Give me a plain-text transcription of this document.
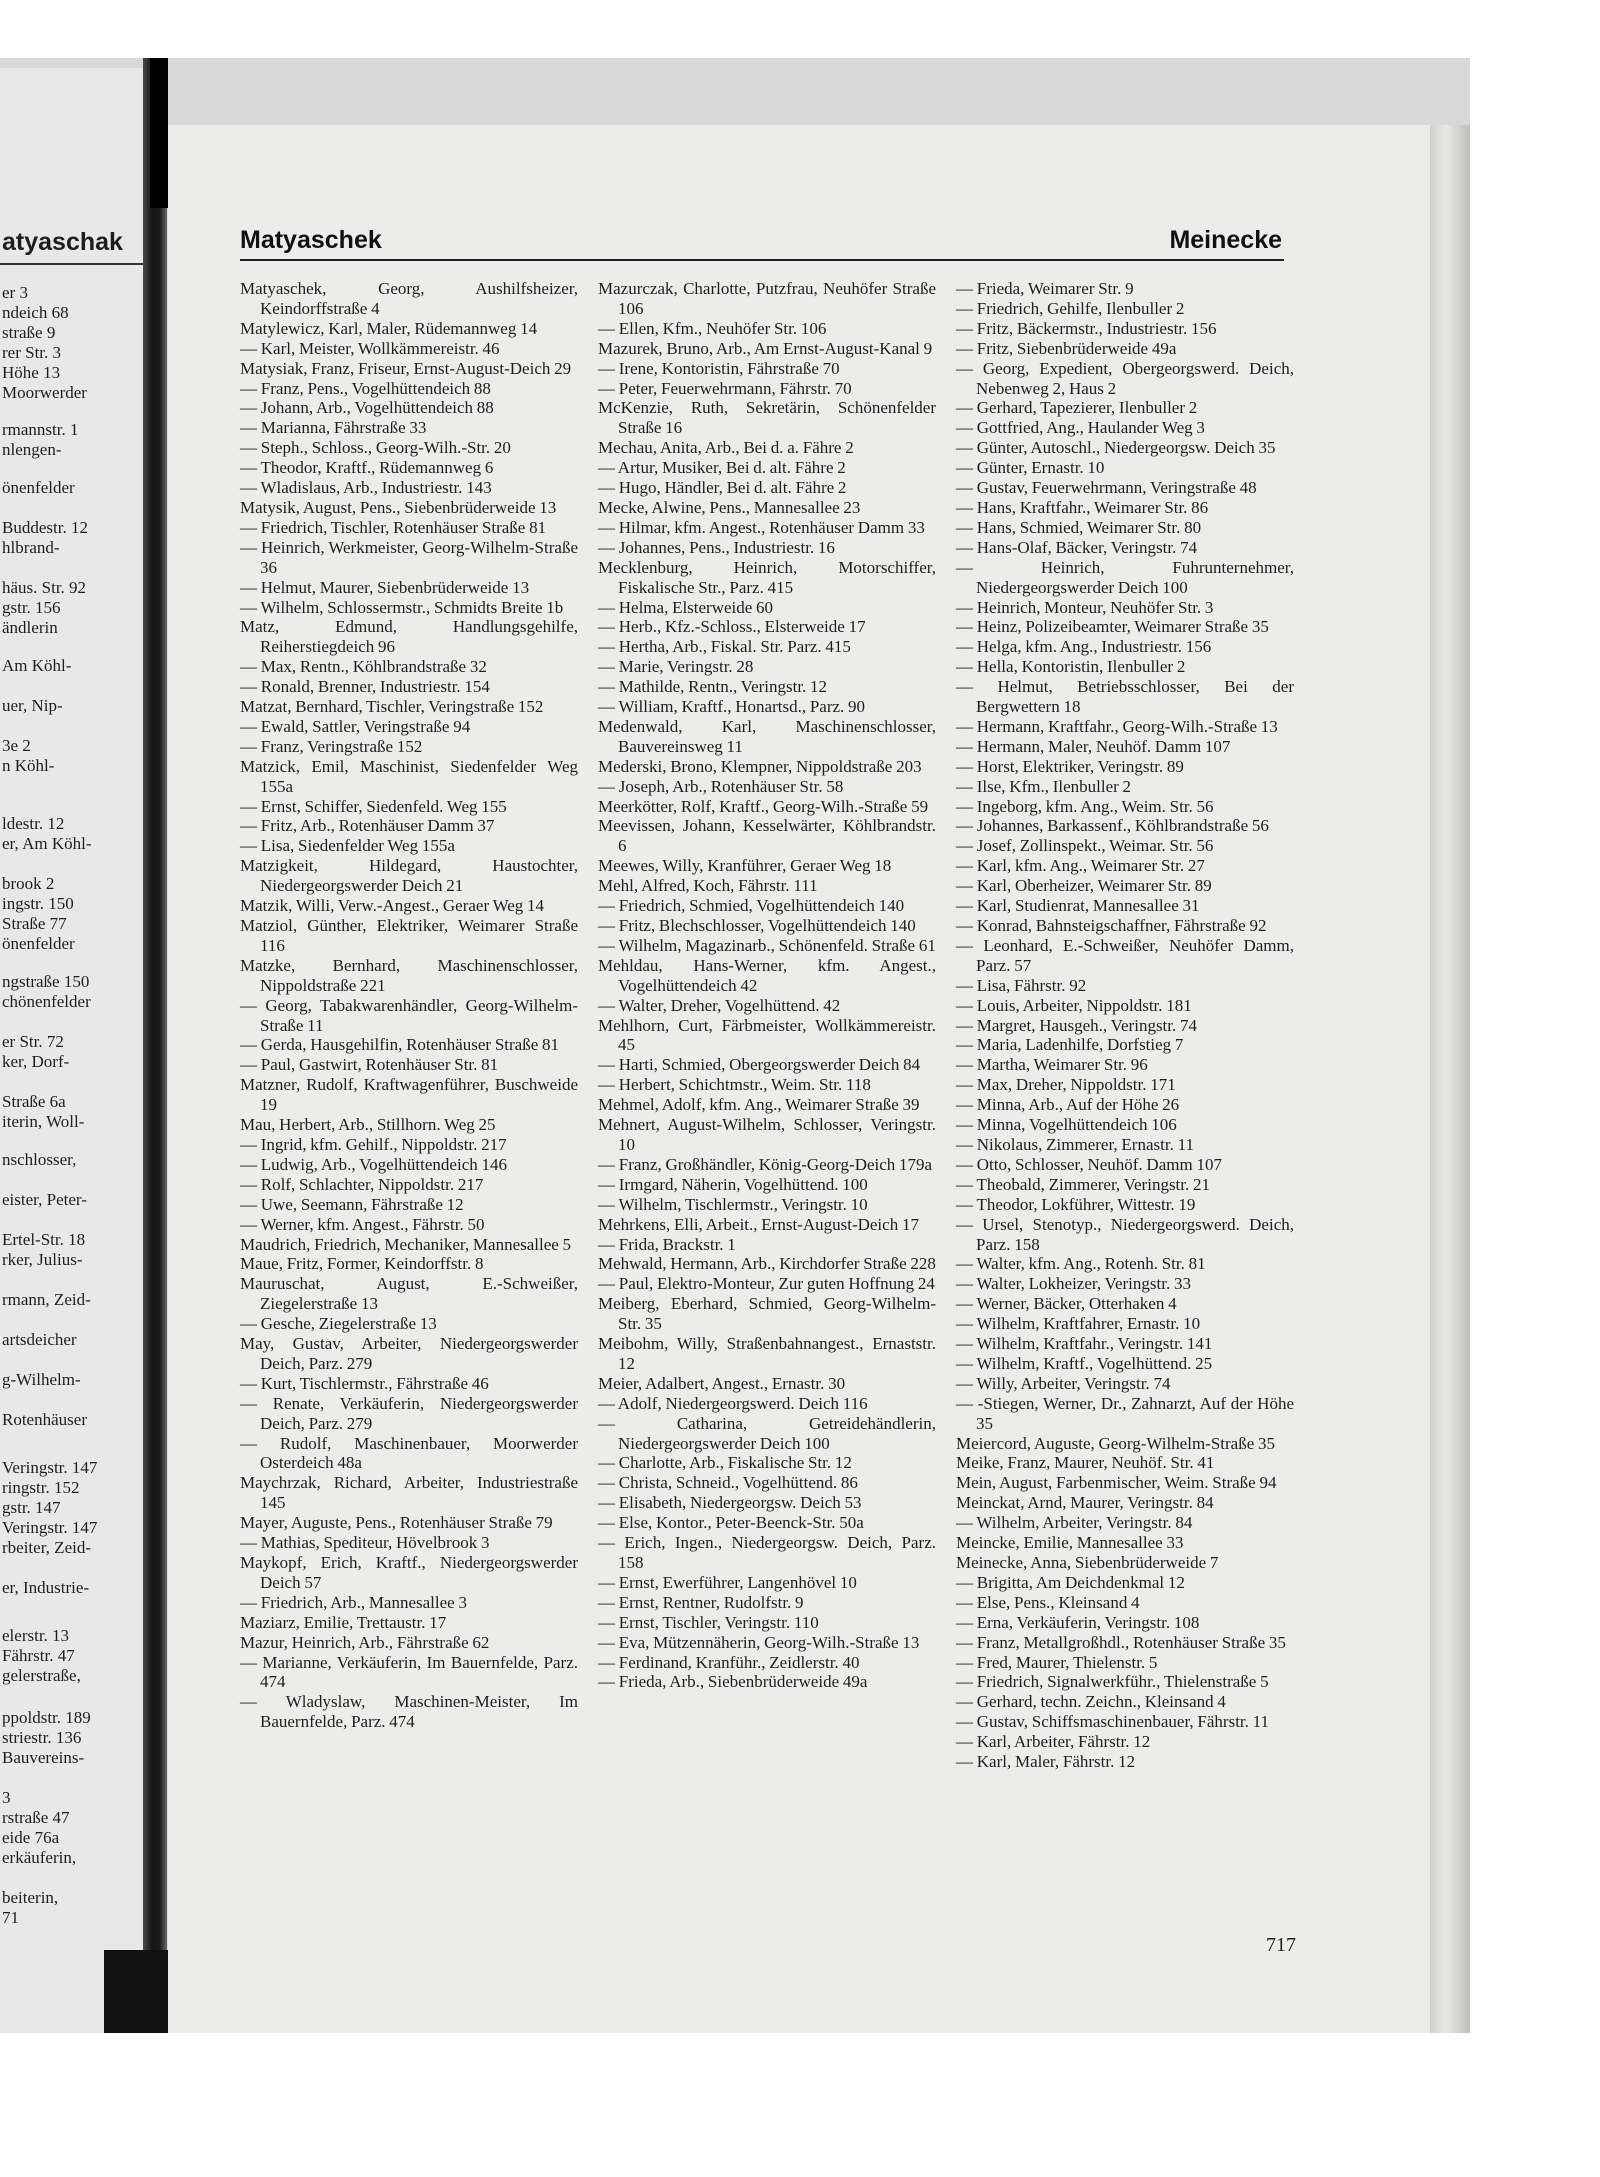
atyaschak
er 3
ndeich 68
straße 9
rer Str. 3
Höhe 13
Moorwerder
rmannstr. 1
nlengen-
önenfelder
Buddestr. 12
hlbrand-
häus. Str. 92
gstr. 156
ändlerin
Am Köhl-
uer, Nip-
3e 2
n Köhl-
ldestr. 12
er, Am Köhl-
brook 2
ingstr. 150
Straße 77
önenfelder
ngstraße 150
chönenfelder
er Str. 72
ker, Dorf-
Straße 6a
iterin, Woll-
nschlosser,
eister, Peter-
Ertel-Str. 18
rker, Julius-
rmann, Zeid-
artsdeicher
g-Wilhelm-
Rotenhäuser
Veringstr. 147
ringstr. 152
gstr. 147
Veringstr. 147
rbeiter, Zeid-
er, Industrie-
elerstr. 13
Fährstr. 47
gelerstraße,
ppoldstr. 189
striestr. 136
Bauvereins-
3
rstraße 47
eide 76a
erkäuferin,
beiterin,
71
Matyaschek	Meinecke
Matyaschek, Georg, Aushilfsheizer, Keindorffstraße 4
Matylewicz, Karl, Maler, Rüdemannweg 14
— Karl, Meister, Wollkämmereistr. 46
Matysiak, Franz, Friseur, Ernst-August-Deich 29
— Franz, Pens., Vogelhüttendeich 88
— Johann, Arb., Vogelhüttendeich 88
— Marianna, Fährstraße 33
— Steph., Schloss., Georg-Wilh.-Str. 20
— Theodor, Kraftf., Rüdemannweg 6
— Wladislaus, Arb., Industriestr. 143
Matysik, August, Pens., Siebenbrüderweide 13
— Friedrich, Tischler, Rotenhäuser Straße 81
— Heinrich, Werkmeister, Georg-Wilhelm-Straße 36
— Helmut, Maurer, Siebenbrüderweide 13
— Wilhelm, Schlossermstr., Schmidts Breite 1b
Matz, Edmund, Handlungsgehilfe, Reiherstiegdeich 96
— Max, Rentn., Köhlbrandstraße 32
— Ronald, Brenner, Industriestr. 154
Matzat, Bernhard, Tischler, Veringstraße 152
— Ewald, Sattler, Veringstraße 94
— Franz, Veringstraße 152
Matzick, Emil, Maschinist, Siedenfelder Weg 155a
— Ernst, Schiffer, Siedenfeld. Weg 155
— Fritz, Arb., Rotenhäuser Damm 37
— Lisa, Siedenfelder Weg 155a
Matzigkeit, Hildegard, Haustochter, Niedergeorgswerder Deich 21
Matzik, Willi, Verw.-Angest., Geraer Weg 14
Matziol, Günther, Elektriker, Weimarer Straße 116
Matzke, Bernhard, Maschinenschlosser, Nippoldstraße 221
— Georg, Tabakwarenhändler, Georg-Wilhelm-Straße 11
— Gerda, Hausgehilfin, Rotenhäuser Straße 81
— Paul, Gastwirt, Rotenhäuser Str. 81
Matzner, Rudolf, Kraftwagenführer, Buschweide 19
Mau, Herbert, Arb., Stillhorn. Weg 25
— Ingrid, kfm. Gehilf., Nippoldstr. 217
— Ludwig, Arb., Vogelhüttendeich 146
— Rolf, Schlachter, Nippoldstr. 217
— Uwe, Seemann, Fährstraße 12
— Werner, kfm. Angest., Fährstr. 50
Maudrich, Friedrich, Mechaniker, Mannesallee 5
Maue, Fritz, Former, Keindorffstr. 8
Mauruschat, August, E.-Schweißer, Ziegelerstraße 13
— Gesche, Ziegelerstraße 13
May, Gustav, Arbeiter, Niedergeorgswerder Deich, Parz. 279
— Kurt, Tischlermstr., Fährstraße 46
— Renate, Verkäuferin, Niedergeorgswerder Deich, Parz. 279
— Rudolf, Maschinenbauer, Moorwerder Osterdeich 48a
Maychrzak, Richard, Arbeiter, Industriestraße 145
Mayer, Auguste, Pens., Rotenhäuser Straße 79
— Mathias, Spediteur, Hövelbrook 3
Maykopf, Erich, Kraftf., Niedergeorgswerder Deich 57
— Friedrich, Arb., Mannesallee 3
Maziarz, Emilie, Trettaustr. 17
Mazur, Heinrich, Arb., Fährstraße 62
— Marianne, Verkäuferin, Im Bauernfelde, Parz. 474
— Wladyslaw, Maschinen-Meister, Im Bauernfelde, Parz. 474
Mazurczak, Charlotte, Putzfrau, Neuhöfer Straße 106
— Ellen, Kfm., Neuhöfer Str. 106
Mazurek, Bruno, Arb., Am Ernst-August-Kanal 9
— Irene, Kontoristin, Fährstraße 70
— Peter, Feuerwehrmann, Fährstr. 70
McKenzie, Ruth, Sekretärin, Schönenfelder Straße 16
Mechau, Anita, Arb., Bei d. a. Fähre 2
— Artur, Musiker, Bei d. alt. Fähre 2
— Hugo, Händler, Bei d. alt. Fähre 2
Mecke, Alwine, Pens., Mannesallee 23
— Hilmar, kfm. Angest., Rotenhäuser Damm 33
— Johannes, Pens., Industriestr. 16
Mecklenburg, Heinrich, Motorschiffer, Fiskalische Str., Parz. 415
— Helma, Elsterweide 60
— Herb., Kfz.-Schloss., Elsterweide 17
— Hertha, Arb., Fiskal. Str. Parz. 415
— Marie, Veringstr. 28
— Mathilde, Rentn., Veringstr. 12
— William, Kraftf., Honartsd., Parz. 90
Medenwald, Karl, Maschinenschlosser, Bauvereinsweg 11
Mederski, Brono, Klempner, Nippoldstraße 203
— Joseph, Arb., Rotenhäuser Str. 58
Meerkötter, Rolf, Kraftf., Georg-Wilh.-Straße 59
Meevissen, Johann, Kesselwärter, Köhlbrandstr. 6
Meewes, Willy, Kranführer, Geraer Weg 18
Mehl, Alfred, Koch, Fährstr. 111
— Friedrich, Schmied, Vogelhüttendeich 140
— Fritz, Blechschlosser, Vogelhüttendeich 140
— Wilhelm, Magazinarb., Schönenfeld. Straße 61
Mehldau, Hans-Werner, kfm. Angest., Vogelhüttendeich 42
— Walter, Dreher, Vogelhüttend. 42
Mehlhorn, Curt, Färbmeister, Wollkämmereistr. 45
— Harti, Schmied, Obergeorgswerder Deich 84
— Herbert, Schichtmstr., Weim. Str. 118
Mehmel, Adolf, kfm. Ang., Weimarer Straße 39
Mehnert, August-Wilhelm, Schlosser, Veringstr. 10
— Franz, Großhändler, König-Georg-Deich 179a
— Irmgard, Näherin, Vogelhüttend. 100
— Wilhelm, Tischlermstr., Veringstr. 10
Mehrkens, Elli, Arbeit., Ernst-August-Deich 17
— Frida, Brackstr. 1
Mehwald, Hermann, Arb., Kirchdorfer Straße 228
— Paul, Elektro-Monteur, Zur guten Hoffnung 24
Meiberg, Eberhard, Schmied, Georg-Wilhelm-Str. 35
Meibohm, Willy, Straßenbahnangest., Ernaststr. 12
Meier, Adalbert, Angest., Ernastr. 30
— Adolf, Niedergeorgswerd. Deich 116
— Catharina, Getreidehändlerin, Niedergeorgswerder Deich 100
— Charlotte, Arb., Fiskalische Str. 12
— Christa, Schneid., Vogelhüttend. 86
— Elisabeth, Niedergeorgsw. Deich 53
— Else, Kontor., Peter-Beenck-Str. 50a
— Erich, Ingen., Niedergeorgsw. Deich, Parz. 158
— Ernst, Ewerführer, Langenhövel 10
— Ernst, Rentner, Rudolfstr. 9
— Ernst, Tischler, Veringstr. 110
— Eva, Mützennäherin, Georg-Wilh.-Straße 13
— Ferdinand, Kranführ., Zeidlerstr. 40
— Frieda, Arb., Siebenbrüderweide 49a
— Frieda, Weimarer Str. 9
— Friedrich, Gehilfe, Ilenbuller 2
— Fritz, Bäckermstr., Industriestr. 156
— Fritz, Siebenbrüderweide 49a
— Georg, Expedient, Obergeorgswerd. Deich, Nebenweg 2, Haus 2
— Gerhard, Tapezierer, Ilenbuller 2
— Gottfried, Ang., Haulander Weg 3
— Günter, Autoschl., Niedergeorgsw. Deich 35
— Günter, Ernastr. 10
— Gustav, Feuerwehrmann, Veringstraße 48
— Hans, Kraftfahr., Weimarer Str. 86
— Hans, Schmied, Weimarer Str. 80
— Hans-Olaf, Bäcker, Veringstr. 74
— Heinrich, Fuhrunternehmer, Niedergeorgswerder Deich 100
— Heinrich, Monteur, Neuhöfer Str. 3
— Heinz, Polizeibeamter, Weimarer Straße 35
— Helga, kfm. Ang., Industriestr. 156
— Hella, Kontoristin, Ilenbuller 2
— Helmut, Betriebsschlosser, Bei der Bergwettern 18
— Hermann, Kraftfahr., Georg-Wilh.-Straße 13
— Hermann, Maler, Neuhöf. Damm 107
— Horst, Elektriker, Veringstr. 89
— Ilse, Kfm., Ilenbuller 2
— Ingeborg, kfm. Ang., Weim. Str. 56
— Johannes, Barkassenf., Köhlbrandstraße 56
— Josef, Zollinspekt., Weimar. Str. 56
— Karl, kfm. Ang., Weimarer Str. 27
— Karl, Oberheizer, Weimarer Str. 89
— Karl, Studienrat, Mannesallee 31
— Konrad, Bahnsteigschaffner, Fährstraße 92
— Leonhard, E.-Schweißer, Neuhöfer Damm, Parz. 57
— Lisa, Fährstr. 92
— Louis, Arbeiter, Nippoldstr. 181
— Margret, Hausgeh., Veringstr. 74
— Maria, Ladenhilfe, Dorfstieg 7
— Martha, Weimarer Str. 96
— Max, Dreher, Nippoldstr. 171
— Minna, Arb., Auf der Höhe 26
— Minna, Vogelhüttendeich 106
— Nikolaus, Zimmerer, Ernastr. 11
— Otto, Schlosser, Neuhöf. Damm 107
— Theobald, Zimmerer, Veringstr. 21
— Theodor, Lokführer, Wittestr. 19
— Ursel, Stenotyp., Niedergeorgswerd. Deich, Parz. 158
— Walter, kfm. Ang., Rotenh. Str. 81
— Walter, Lokheizer, Veringstr. 33
— Werner, Bäcker, Otterhaken 4
— Wilhelm, Kraftfahrer, Ernastr. 10
— Wilhelm, Kraftfahr., Veringstr. 141
— Wilhelm, Kraftf., Vogelhüttend. 25
— Willy, Arbeiter, Veringstr. 74
— -Stiegen, Werner, Dr., Zahnarzt, Auf der Höhe 35
Meiercord, Auguste, Georg-Wilhelm-Straße 35
Meike, Franz, Maurer, Neuhöf. Str. 41
Mein, August, Farbenmischer, Weim. Straße 94
Meinckat, Arnd, Maurer, Veringstr. 84
— Wilhelm, Arbeiter, Veringstr. 84
Meincke, Emilie, Mannesallee 33
Meinecke, Anna, Siebenbrüderweide 7
— Brigitta, Am Deichdenkmal 12
— Else, Pens., Kleinsand 4
— Erna, Verkäuferin, Veringstr. 108
— Franz, Metallgroßhdl., Rotenhäuser Straße 35
— Fred, Maurer, Thielenstr. 5
— Friedrich, Signalwerkführ., Thielenstraße 5
— Gerhard, techn. Zeichn., Kleinsand 4
— Gustav, Schiffsmaschinenbauer, Fährstr. 11
— Karl, Arbeiter, Fährstr. 12
— Karl, Maler, Fährstr. 12
717
